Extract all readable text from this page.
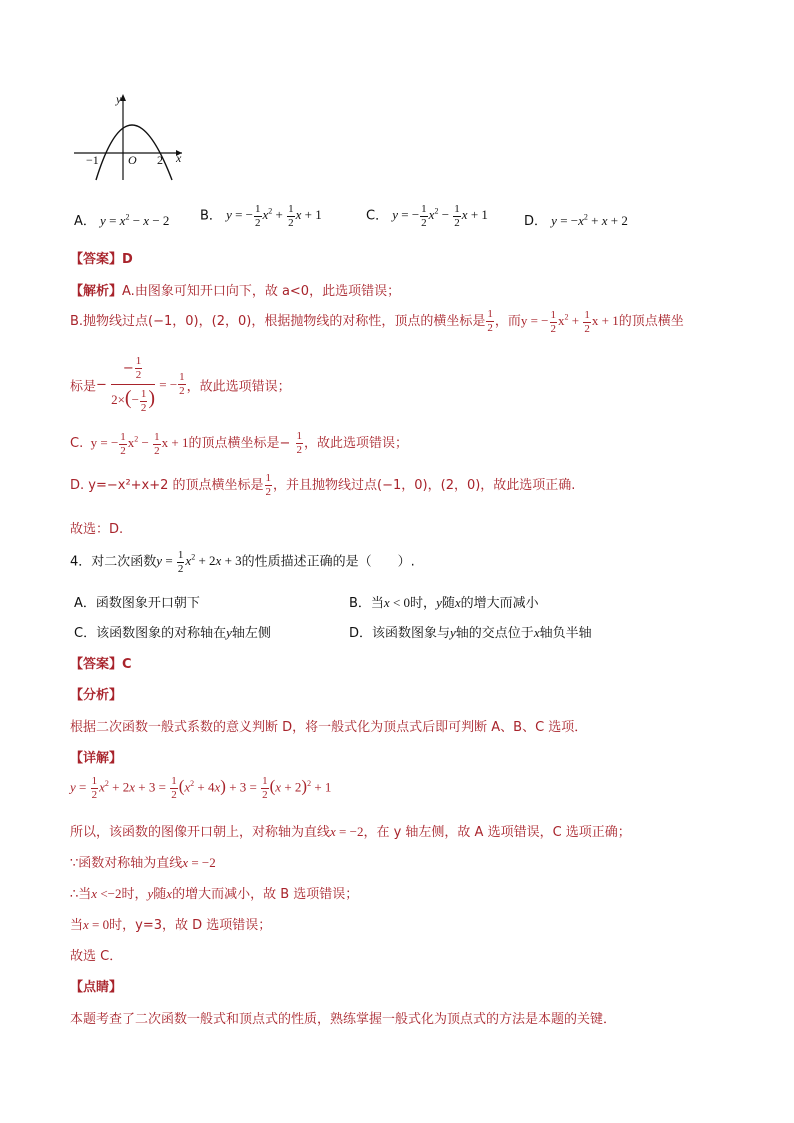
y
x
−1 O 2
A． $y = x^2 - x - 2$ B． y = − $\frac{1}{2} x^2 + \frac{1}{2}$ x + 1	C． y = − $\frac{1}{2} x^2 - \frac{1}{2}$ x + 1	D． $y = -x^2 + x + 2$
【答案】D
【解析】A.由图象可知开口向下，故 a<0，此选项错误；
B.抛物线过点(−1，0)，(2，0)，根据抛物线的对称性，顶点的横坐标是 $\frac{1}{2}$ ，而y = − $\frac{1}{2} x^2 + \frac{1}{2}$ x + 1的顶点横坐
标是− $\frac{- \frac{1}{2}}{2\times(- \frac{1}{2} )}$ = − $\frac{1}{2}$ ，故此选项错误；
C.  y = − $\frac{1}{2} x^2 - \frac{1}{2}$ x + 1的顶点横坐标是− $\frac{1}{2}$ ，故此选项错误；
D. y=−x²+x+2 的顶点横坐标是 $\frac{1}{2}$ ，并且抛物线过点(−1，0)，(2，0)，故此选项正确.
故选：D.
4．对二次函数$y = \frac{1}{2} x^2 + 2x + 3$的性质描述正确的是（　　）.
A．函数图象开口朝下	B．当x < 0时，y随x的增大而减小
C．该函数图象的对称轴在y轴左侧	D．该函数图象与y轴的交点位于x轴负半轴
【答案】C
【分析】
根据二次函数一般式系数的意义判断 D，将一般式化为顶点式后即可判断 A、B、C 选项．
【详解】
$y = \frac{1}{2} x^2 + 2x + 3 = \frac{1}{2} (x^2 + 4x) + 3 = \frac{1}{2} (x + 2)^2 + 1$
所以，该函数的图像开口朝上，对称轴为直线x = −2，在 y 轴左侧，故 A 选项错误，C 选项正确；
∵函数对称轴为直线x = −2
∴当x <−2时，y随x的增大而减小，故 B 选项错误；
当x = 0时，y=3，故 D 选项错误；
故选 C．
【点睛】
本题考查了二次函数一般式和顶点式的性质，熟练掌握一般式化为顶点式的方法是本题的关键．
